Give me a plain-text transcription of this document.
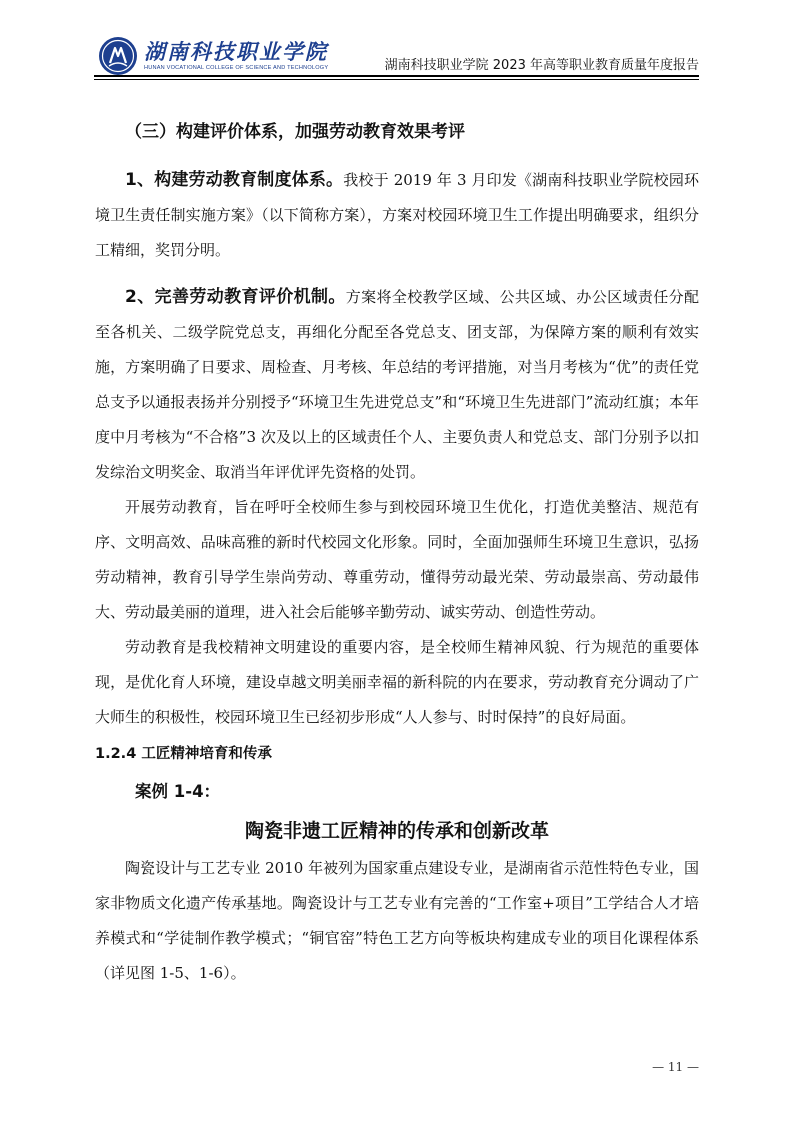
湖南科技职业学院
HUNAN VOCATIONAL COLLEGE OF SCIENCE AND TECHNOLOGY	湖南科技职业学院 2023 年高等职业教育质量年度报告
（三）构建评价体系，加强劳动教育效果考评

1、构建劳动教育制度体系。我校于 2019 年 3 月印发《湖南科技职业学院校园环境卫生责任制实施方案》（以下简称方案），方案对校园环境卫生工作提出明确要求，组织分工精细，奖罚分明。

2、完善劳动教育评价机制。方案将全校教学区域、公共区域、办公区域责任分配至各机关、二级学院党总支，再细化分配至各党总支、团支部，为保障方案的顺利有效实施，方案明确了日要求、周检查、月考核、年总结的考评措施，对当月考核为“优”的责任党总支予以通报表扬并分别授予“环境卫生先进党总支”和“环境卫生先进部门”流动红旗；本年度中月考核为“不合格”3 次及以上的区域责任个人、主要负责人和党总支、部门分别予以扣发综治文明奖金、取消当年评优评先资格的处罚。

开展劳动教育，旨在呼吁全校师生参与到校园环境卫生优化，打造优美整洁、规范有序、文明高效、品味高雅的新时代校园文化形象。同时，全面加强师生环境卫生意识，弘扬劳动精神，教育引导学生崇尚劳动、尊重劳动，懂得劳动最光荣、劳动最崇高、劳动最伟大、劳动最美丽的道理，进入社会后能够辛勤劳动、诚实劳动、创造性劳动。

劳动教育是我校精神文明建设的重要内容，是全校师生精神风貌、行为规范的重要体现，是优化育人环境，建设卓越文明美丽幸福的新科院的内在要求，劳动教育充分调动了广大师生的积极性，校园环境卫生已经初步形成“人人参与、时时保持”的良好局面。

1.2.4 工匠精神培育和传承
案例 1-4：
陶瓷非遗工匠精神的传承和创新改革

陶瓷设计与工艺专业 2010 年被列为国家重点建设专业，是湖南省示范性特色专业，国家非物质文化遗产传承基地。陶瓷设计与工艺专业有完善的“工作室+项目”工学结合人才培养模式和“学徒制作教学模式；“铜官窑”特色工艺方向等板块构建成专业的项目化课程体系（详见图 1-5、1-6）。

— 11 —
